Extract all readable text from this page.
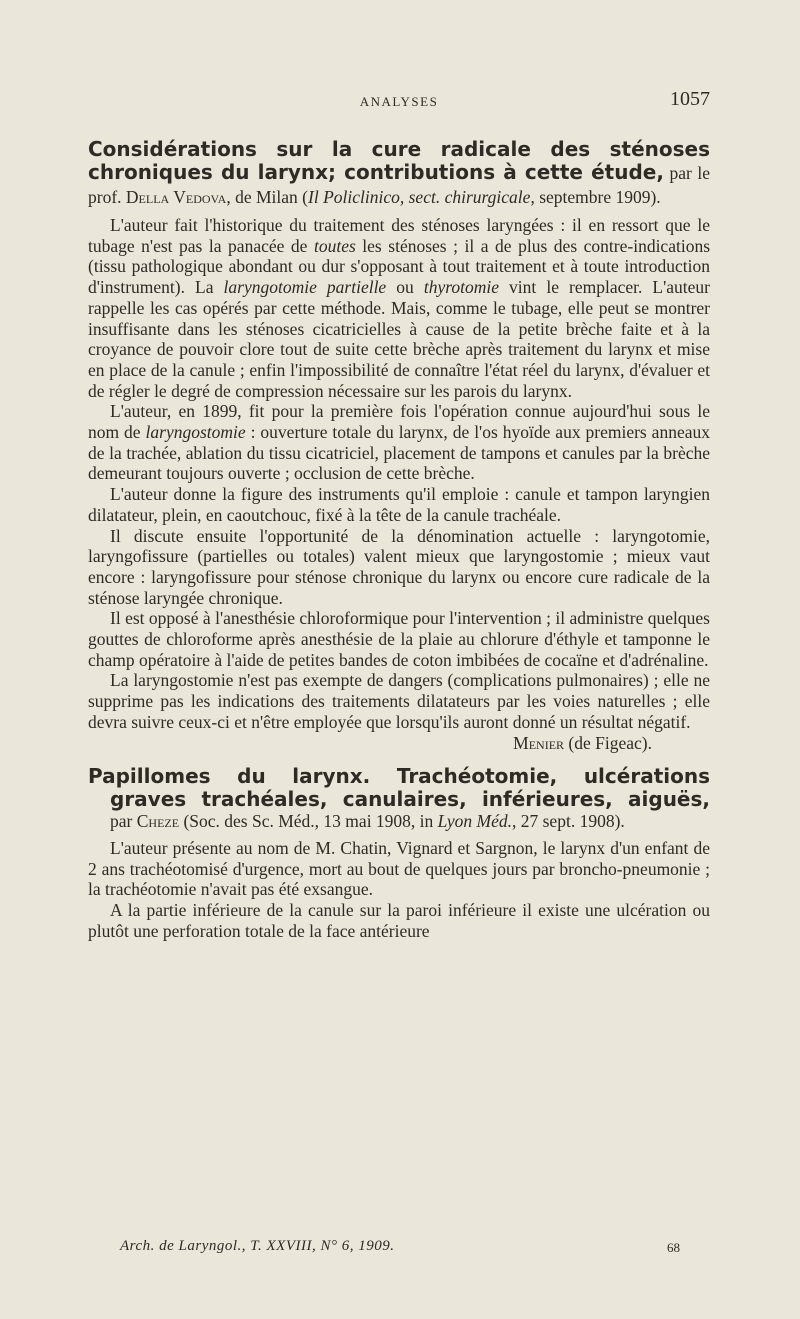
ANALYSES	1057
Considérations sur la cure radicale des sténoses chroniques du larynx; contributions à cette étude, par le prof. Della Vedova, de Milan (Il Policlinico, sect. chirurgicale, septembre 1909).

L'auteur fait l'historique du traitement des sténoses laryngées : il en ressort que le tubage n'est pas la panacée de toutes les sténoses ; il a de plus des contre-indications (tissu pathologique abondant ou dur s'opposant à tout traitement et à toute introduction d'instrument). La laryngotomie partielle ou thyrotomie vint le remplacer. L'auteur rappelle les cas opérés par cette méthode. Mais, comme le tubage, elle peut se montrer insuffisante dans les sténoses cicatricielles à cause de la petite brèche faite et à la croyance de pouvoir clore tout de suite cette brèche après traitement du larynx et mise en place de la canule ; enfin l'impossibilité de connaître l'état réel du larynx, d'évaluer et de régler le degré de compression nécessaire sur les parois du larynx.

L'auteur, en 1899, fit pour la première fois l'opération connue aujourd'hui sous le nom de laryngostomie : ouverture totale du larynx, de l'os hyoïde aux premiers anneaux de la trachée, ablation du tissu cicatriciel, placement de tampons et canules par la brèche demeurant toujours ouverte ; occlusion de cette brèche.

L'auteur donne la figure des instruments qu'il emploie : canule et tampon laryngien dilatateur, plein, en caoutchouc, fixé à la tête de la canule trachéale.

Il discute ensuite l'opportunité de la dénomination actuelle : laryngotomie, laryngofissure (partielles ou totales) valent mieux que laryngostomie ; mieux vaut encore : laryngofissure pour sténose chronique du larynx ou encore cure radicale de la sténose laryngée chronique.

Il est opposé à l'anesthésie chloroformique pour l'intervention ; il administre quelques gouttes de chloroforme après anesthésie de la plaie au chlorure d'éthyle et tamponne le champ opératoire à l'aide de petites bandes de coton imbibées de cocaïne et d'adrénaline.

La laryngostomie n'est pas exempte de dangers (complications pulmonaires) ; elle ne supprime pas les indications des traitements dilatateurs par les voies naturelles ; elle devra suivre ceux-ci et n'être employée que lorsqu'ils auront donné un résultat négatif.

Menier (de Figeac).
Papillomes du larynx. Trachéotomie, ulcérations
graves trachéales, canulaires, inférieures, aiguës,
par Cheze (Soc. des Sc. Méd., 13 mai 1908, in Lyon Méd., 27 sept. 1908).

L'auteur présente au nom de M. Chatin, Vignard et Sargnon, le larynx d'un enfant de 2 ans trachéotomisé d'urgence, mort au bout de quelques jours par broncho-pneumonie ; la trachéotomie n'avait pas été exsangue.

A la partie inférieure de la canule sur la paroi inférieure il existe une ulcération ou plutôt une perforation totale de la face antérieure

Arch. de Laryngol., T. XXVIII, N° 6, 1909.	68
